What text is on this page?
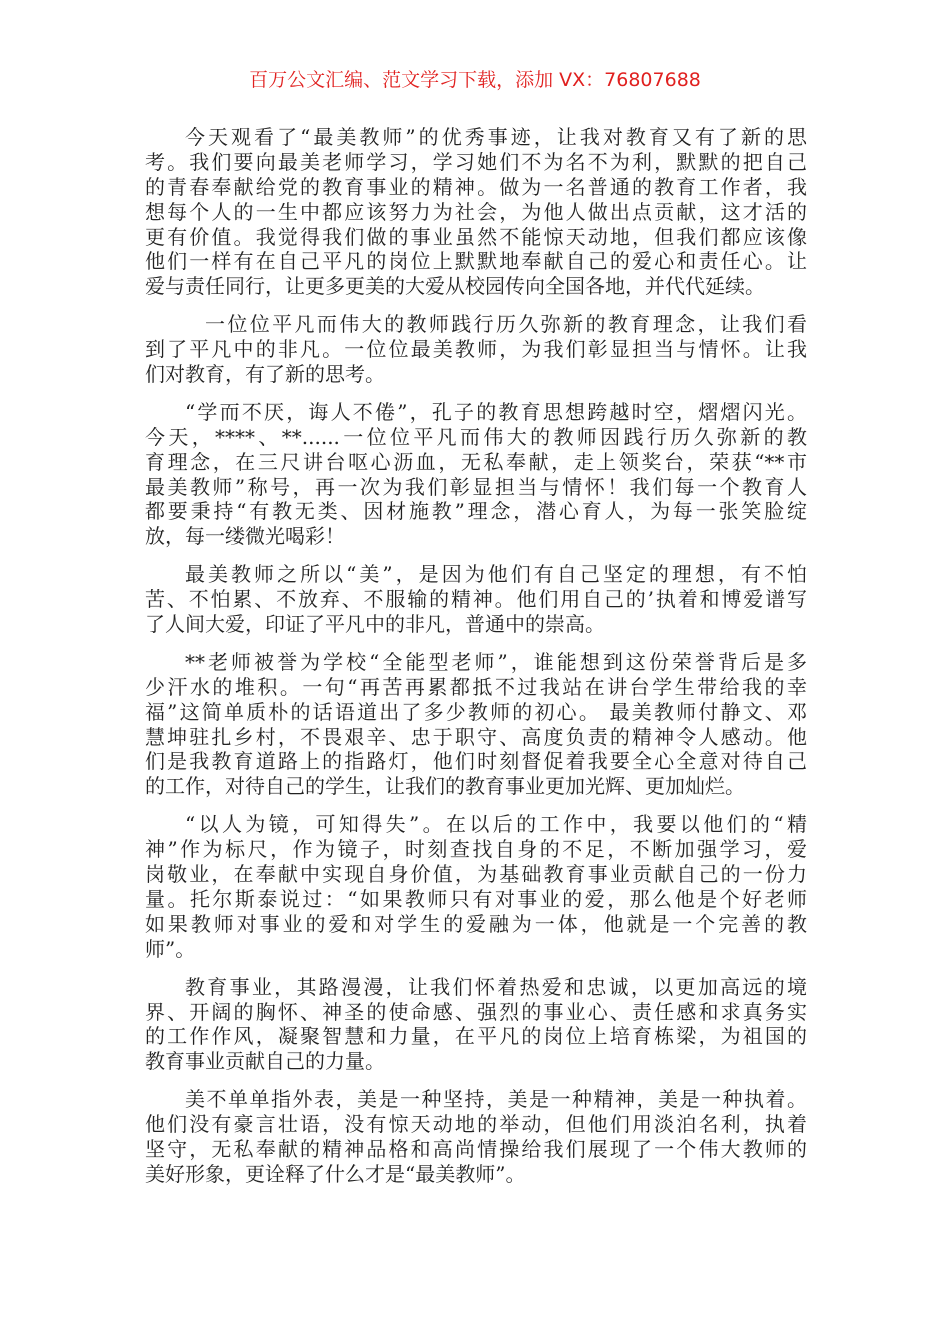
百万公文汇编、范文学习下载，添加 VX：76807688
今天观看了“最美教师”的优秀事迹，让我对教育又有了新的思
考。我们要向最美老师学习，学习她们不为名不为利，默默的把自己
的青春奉献给党的教育事业的精神。做为一名普通的教育工作者，我
想每个人的一生中都应该努力为社会，为他人做出点贡献，这才活的
更有价值。我觉得我们做的事业虽然不能惊天动地，但我们都应该像
他们一样有在自己平凡的岗位上默默地奉献自己的爱心和责任心。让
爱与责任同行，让更多更美的大爱从校园传向全国各地，并代代延续。
一位位平凡而伟大的教师践行历久弥新的教育理念，让我们看
到了平凡中的非凡。一位位最美教师，为我们彰显担当与情怀。让我
们对教育，有了新的思考。
“学而不厌，诲人不倦”，孔子的教育思想跨越时空，熠熠闪光。
今天，****、**......一位位平凡而伟大的教师因践行历久弥新的教
育理念，在三尺讲台呕心沥血，无私奉献，走上领奖台，荣获“**市
最美教师”称号，再一次为我们彰显担当与情怀！我们每一个教育人
都要秉持“有教无类、因材施教”理念，潜心育人，为每一张笑脸绽
放，每一缕微光喝彩！
最美教师之所以“美”，是因为他们有自己坚定的理想，有不怕
苦、不怕累、不放弃、不服输的精神。他们用自己的’执着和博爱谱写
了人间大爱，印证了平凡中的非凡，普通中的崇高。
**老师被誉为学校“全能型老师”，谁能想到这份荣誉背后是多
少汗水的堆积。一句“再苦再累都抵不过我站在讲台学生带给我的幸
福”这简单质朴的话语道出了多少教师的初心。 最美教师付静文、邓
慧坤驻扎乡村，不畏艰辛、忠于职守、高度负责的精神令人感动。他
们是我教育道路上的指路灯，他们时刻督促着我要全心全意对待自己
的工作，对待自己的学生，让我们的教育事业更加光辉、更加灿烂。
“以人为镜，可知得失”。在以后的工作中，我要以他们的“精
神”作为标尺，作为镜子，时刻查找自身的不足，不断加强学习，爱
岗敬业，在奉献中实现自身价值，为基础教育事业贡献自己的一份力
量。托尔斯泰说过：“如果教师只有对事业的爱，那么他是个好老师
如果教师对事业的爱和对学生的爱融为一体，他就是一个完善的教
师”。
教育事业，其路漫漫，让我们怀着热爱和忠诚，以更加高远的境
界、开阔的胸怀、神圣的使命感、强烈的事业心、责任感和求真务实
的工作作风，凝聚智慧和力量，在平凡的岗位上培育栋梁，为祖国的
教育事业贡献自己的力量。
美不单单指外表，美是一种坚持，美是一种精神，美是一种执着。
他们没有豪言壮语，没有惊天动地的举动，但他们用淡泊名利，执着
坚守，无私奉献的精神品格和高尚情操给我们展现了一个伟大教师的
美好形象，更诠释了什么才是“最美教师”。
